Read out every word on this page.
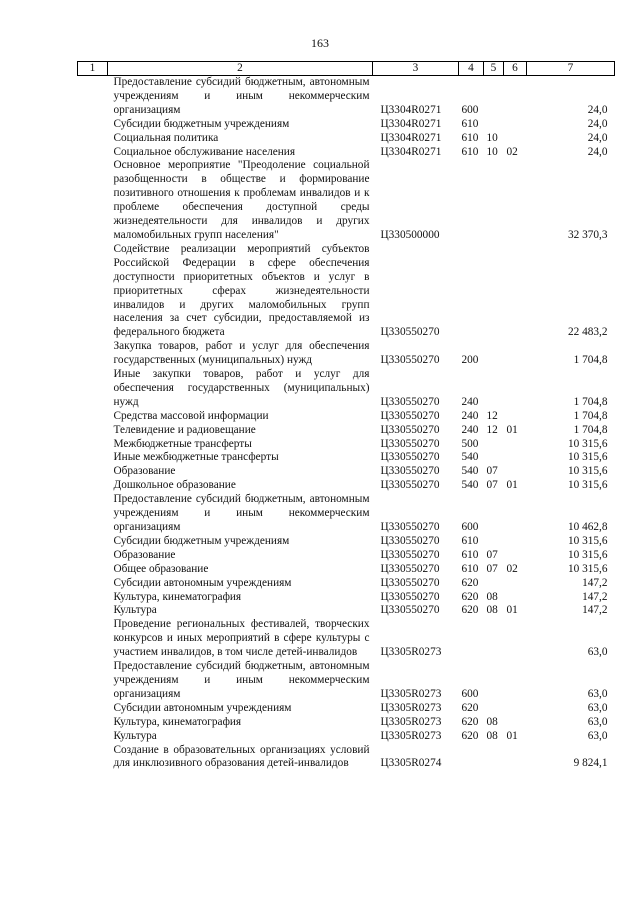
163
1	2	3	4	5	6	7
	Предоставление субсидий бюджетным, автономным учреждениям и иным некоммерческим организациям	Ц3304R0271	600			24,0
	Субсидии бюджетным учреждениям	Ц3304R0271	610			24,0
	Социальная политика	Ц3304R0271	610	10		24,0
	Социальное обслуживание населения	Ц3304R0271	610	10	02	24,0
	Основное мероприятие "Преодоление социальной разобщенности в обществе и формирование позитивного отношения к проблемам инвалидов и к проблеме обеспечения доступной среды жизнедеятельности для инвалидов и других маломобильных групп населения"	Ц330500000				32 370,3
	Содействие реализации мероприятий субъектов Российской Федерации в сфере обеспечения доступности приоритетных объектов и услуг в приоритетных сферах жизнедеятельности инвалидов и других маломобильных групп населения за счет субсидии, предоставляемой из федерального бюджета	Ц330550270				22 483,2
	Закупка товаров, работ и услуг для обеспечения государственных (муниципальных) нужд	Ц330550270	200			1 704,8
	Иные закупки товаров, работ и услуг для обеспечения государственных (муниципальных) нужд	Ц330550270	240			1 704,8
	Средства массовой информации	Ц330550270	240	12		1 704,8
	Телевидение и радиовещание	Ц330550270	240	12	01	1 704,8
	Межбюджетные трансферты	Ц330550270	500			10 315,6
	Иные межбюджетные трансферты	Ц330550270	540			10 315,6
	Образование	Ц330550270	540	07		10 315,6
	Дошкольное образование	Ц330550270	540	07	01	10 315,6
	Предоставление субсидий бюджетным, автономным учреждениям и иным некоммерческим организациям	Ц330550270	600			10 462,8
	Субсидии бюджетным учреждениям	Ц330550270	610			10 315,6
	Образование	Ц330550270	610	07		10 315,6
	Общее образование	Ц330550270	610	07	02	10 315,6
	Субсидии автономным учреждениям	Ц330550270	620			147,2
	Культура, кинематография	Ц330550270	620	08		147,2
	Культура	Ц330550270	620	08	01	147,2
	Проведение региональных фестивалей, творческих конкурсов и иных мероприятий в сфере культуры с участием инвалидов, в том числе детей-инвалидов	Ц3305R0273				63,0
	Предоставление субсидий бюджетным, автономным учреждениям и иным некоммерческим организациям	Ц3305R0273	600			63,0
	Субсидии автономным учреждениям	Ц3305R0273	620			63,0
	Культура, кинематография	Ц3305R0273	620	08		63,0
	Культура	Ц3305R0273	620	08	01	63,0
	Создание в образовательных организациях условий для инклюзивного образования детей-инвалидов	Ц3305R0274				9 824,1
